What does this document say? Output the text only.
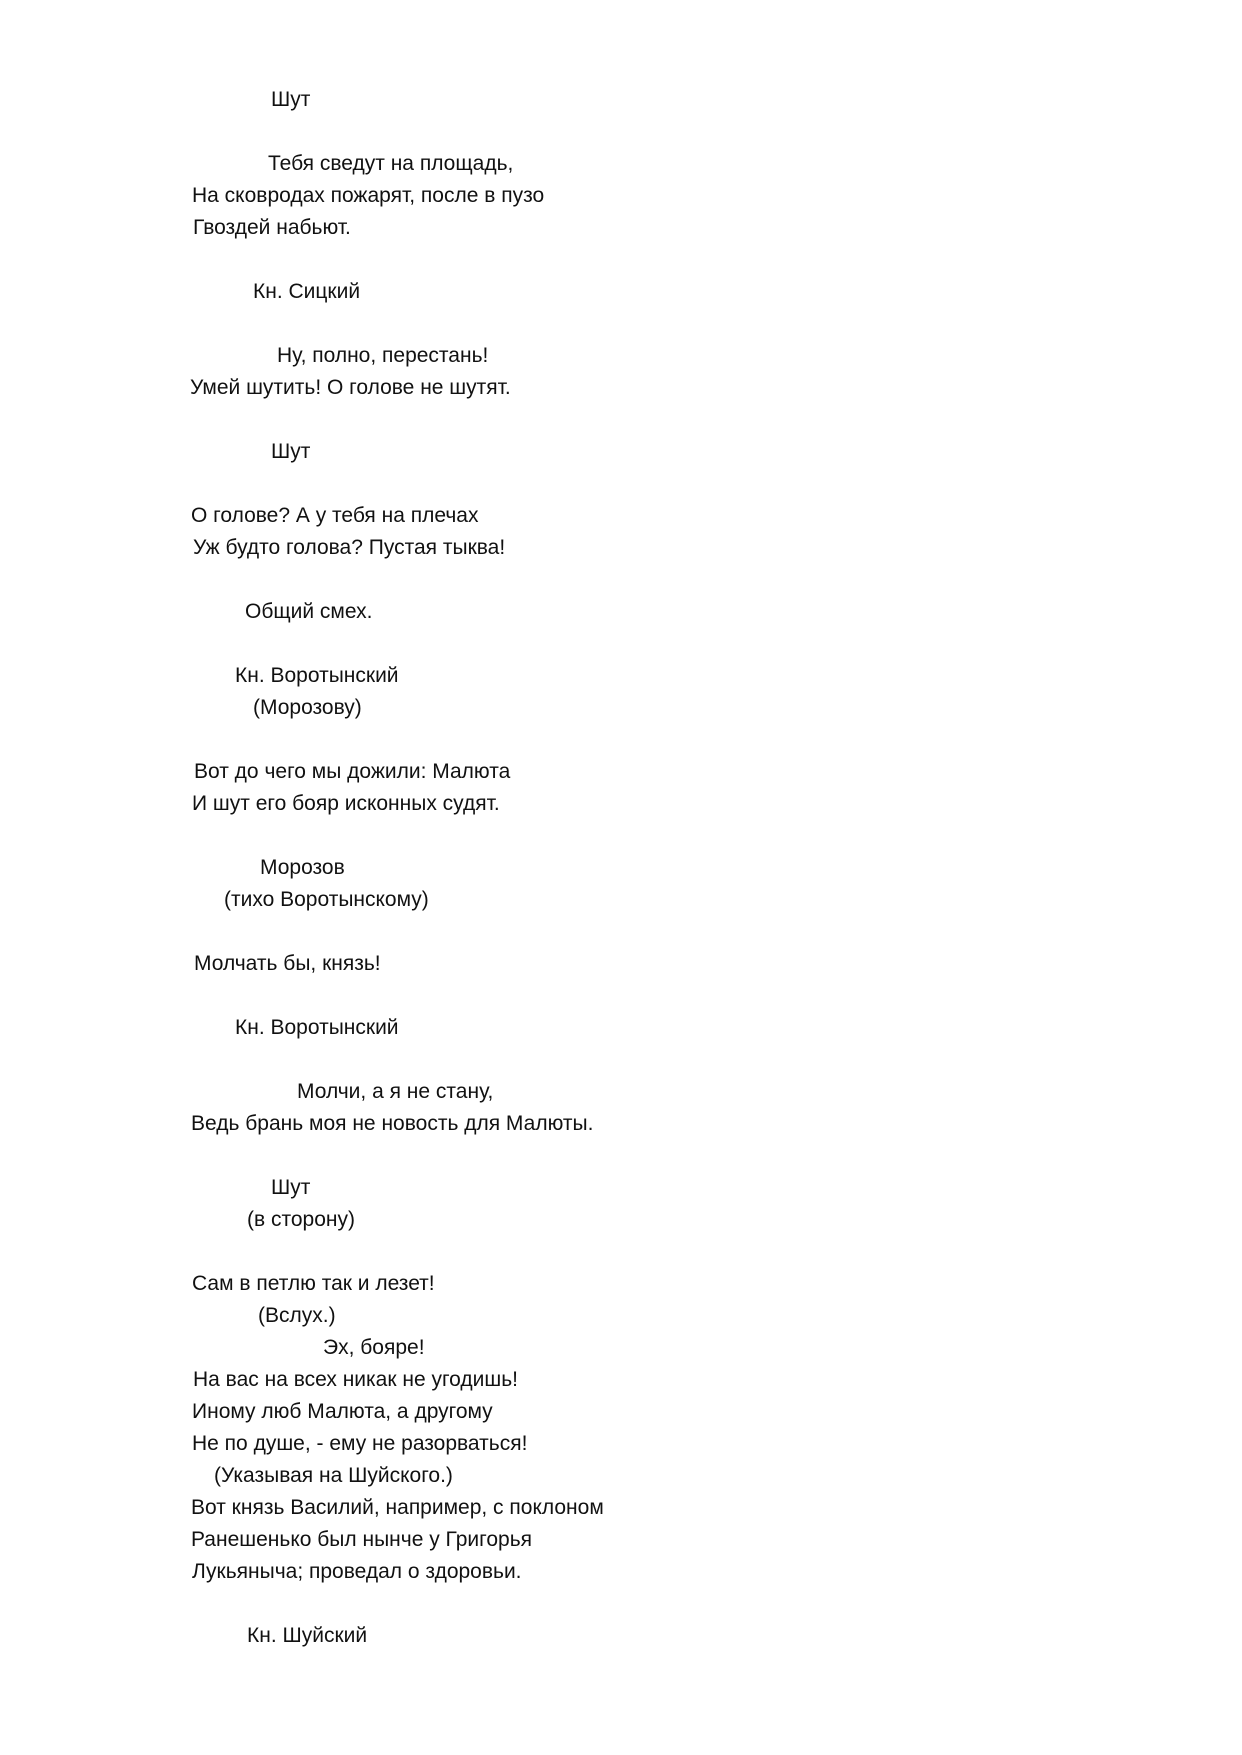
Шут
Тебя сведут на площадь,
На сковродах пожарят, после в пузо
Гвоздей набьют.
Кн. Сицкий
Ну, полно, перестань!
Умей шутить! О голове не шутят.
Шут
О голове? А у тебя на плечах
Уж будто голова? Пустая тыква!
Общий смех.
Кн. Воротынский
(Морозову)
Вот до чего мы дожили: Малюта
И шут его бояр исконных судят.
Морозов
(тихо Воротынскому)
Молчать бы, князь!
Кн. Воротынский
Молчи, а я не стану,
Ведь брань моя не новость для Малюты.
Шут
(в сторону)
Сам в петлю так и лезет!
(Вслух.)
Эх, бояре!
На вас на всех никак не угодишь!
Иному люб Малюта, а другому
Не по душе, - ему не разорваться!
(Указывая на Шуйского.)
Вот князь Василий, например, с поклоном
Ранешенько был нынче у Григорья
Лукьяныча; проведал о здоровьи.
Кн. Шуйский
